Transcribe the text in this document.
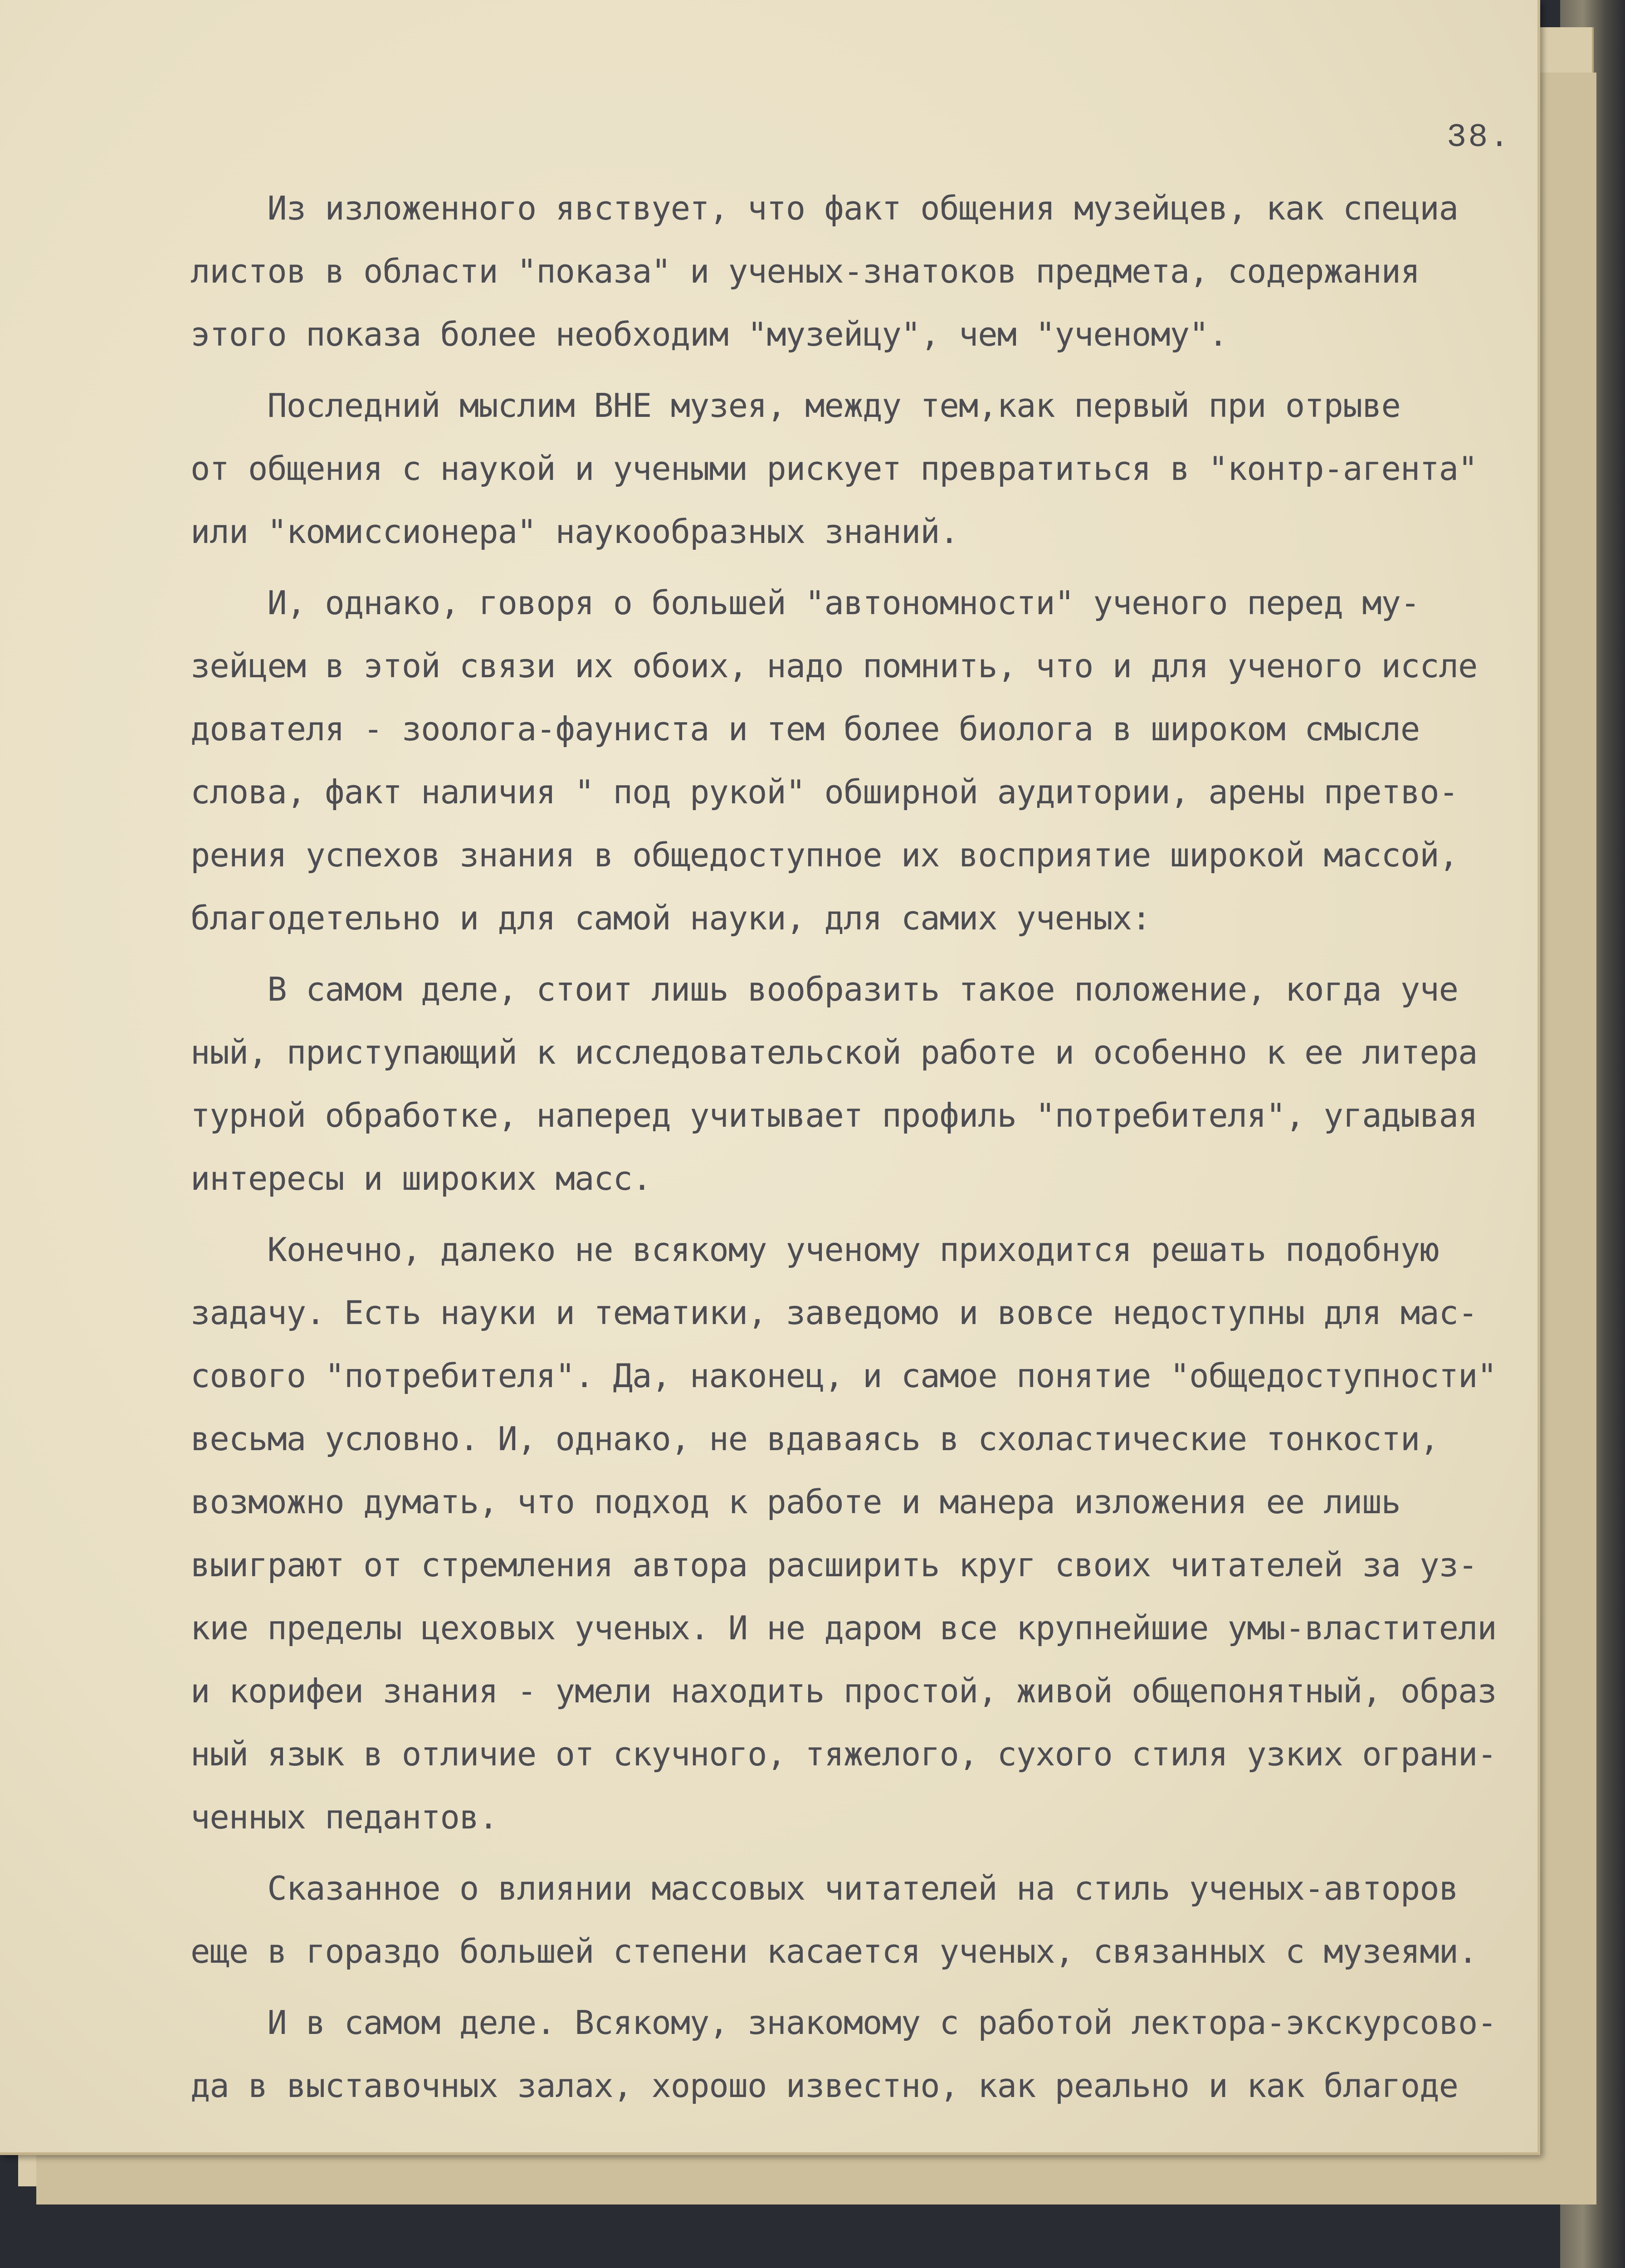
38.

Из изложенного явствует, что факт общения музейцев, как специа
листов в области "показа" и ученых-знатоков предмета, содержания
этого показа более необходим "музейцу", чем "ученому".

Последний мыслим ВНЕ музея, между тем,как первый при отрыве
от общения с наукой и учеными рискует превратиться в "контр-агента"
или "комиссионера" наукообразных знаний.

И, однако, говоря о большей "автономности" ученого перед му-
зейцем в этой связи их обоих, надо помнить, что и для ученого иссле
дователя - зоолога-фауниста и тем более биолога в широком смысле
слова, факт наличия " под рукой" обширной аудитории, арены претво-
рения успехов знания в общедоступное их восприятие широкой массой,
благодетельно и для самой науки, для самих ученых:

В самом деле, стоит лишь вообразить такое положение, когда уче
ный, приступающий к исследовательской работе и особенно к ее литера
турной обработке, наперед учитывает профиль "потребителя", угадывая
интересы и широких масс.

Конечно, далеко не всякому ученому приходится решать подобную
задачу. Есть науки и тематики, заведомо и вовсе недоступны для мас-
сового "потребителя". Да, наконец, и самое понятие "общедоступности"
весьма условно. И, однако, не вдаваясь в схоластические тонкости,
возможно думать, что подход к работе и манера изложения ее лишь
выиграют от стремления автора расширить круг своих читателей за уз-
кие пределы цеховых ученых. И не даром все крупнейшие умы-властители
и корифеи знания - умели находить простой, живой общепонятный, образ
ный язык в отличие от скучного, тяжелого, сухого стиля узких ограни-
ченных педантов.

Сказанное о влиянии массовых читателей на стиль ученых-авторов
еще в гораздо большей степени касается ученых, связанных с музеями.

И в самом деле. Всякому, знакомому с работой лектора-экскурсово-
да в выставочных залах, хорошо известно, как реально и как благоде
